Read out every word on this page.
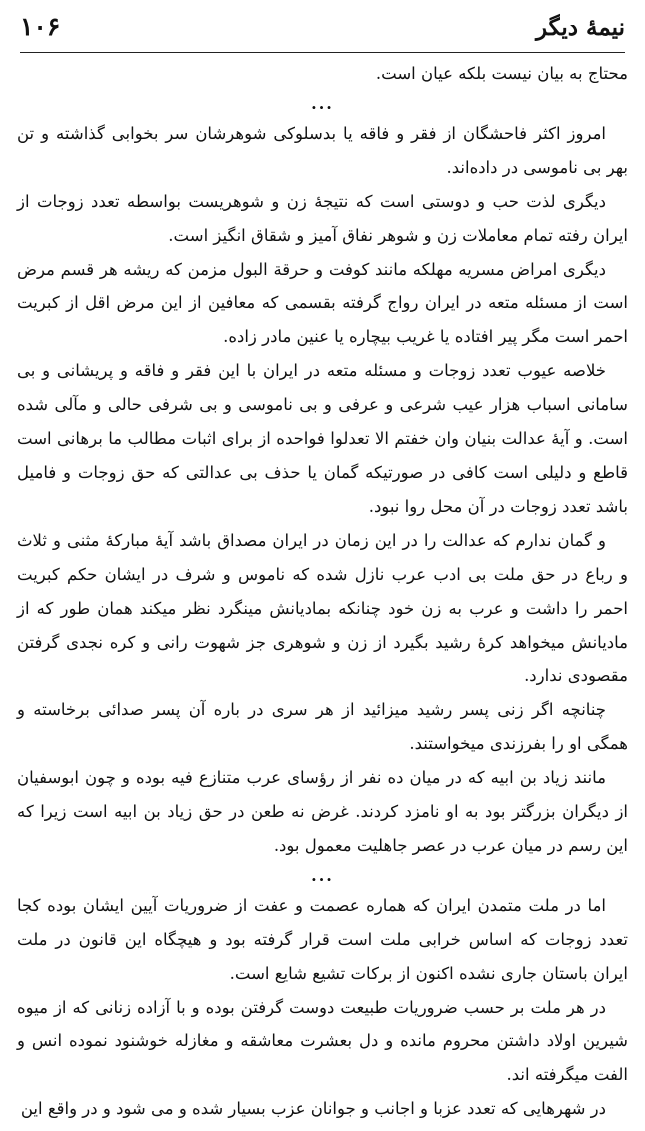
نیمهٔ دیگر
۱۰۶

محتاج به بیان نیست بلکه عیان است.

...

امروز اکثر فاحشگان از فقر و فاقه یا بدسلوکی شوهرشان سر بخوابی گذاشته و تن بهر بی ناموسی در داده‌اند.

دیگری لذت حب و دوستی است که نتیجهٔ زن و شوهریست بواسطه تعدد زوجات از ایران رفته تمام معاملات زن و شوهر نفاق آمیز و شقاق انگیز است.

دیگری امراض مسریه مهلکه مانند کوفت و حرقة البول مزمن که ریشه هر قسم مرض است از مسئله متعه در ایران رواج گرفته بقسمی که معافین از این مرض اقل از کبریت احمر است مگر پیر افتاده یا غریب بیچاره یا عنین مادر زاده.

خلاصه عیوب تعدد زوجات و مسئله متعه در ایران با این فقر و فاقه و پریشانی و بی سامانی اسباب هزار عیب شرعی و عرفی و بی ناموسی و بی شرفی حالی و مآلی شده است. و آیهٔ عدالت بنیان وان خفتم الا تعدلوا فواحده از برای اثبات مطالب ما برهانی است قاطع و دلیلی است کافی در صورتیکه گمان یا حذف بی عدالتی که حق زوجات و فامیل باشد تعدد زوجات در آن محل روا نبود.

و گمان ندارم که عدالت را در این زمان در ایران مصداق باشد آیهٔ مبارکهٔ مثنی و ثلاث و رباع در حق ملت بی ادب عرب نازل شده که ناموس و شرف در ایشان حکم کبریت احمر را داشت و عرب به زن خود چنانکه بمادیانش مینگرد نظر میکند همان طور که از مادیانش میخواهد کرهٔ رشید بگیرد از زن و شوهری جز شهوت رانی و کره نجدی گرفتن مقصودی ندارد.

چنانچه اگر زنی پسر رشید میزائید از هر سری در باره آن پسر صدائی برخاسته و همگی او را بفرزندی میخواستند.

مانند زیاد بن ابیه که در میان ده نفر از رؤسای عرب متنازع فیه بوده و چون ابوسفیان از دیگران بزرگتر بود به او نامزد کردند. غرض نه طعن در حق زیاد بن ابیه است زیرا که این رسم در میان عرب در عصر جاهلیت معمول بود.

...

اما در ملت متمدن ایران که هماره عصمت و عفت از ضروریات آیین ایشان بوده کجا تعدد زوجات که اساس خرابی ملت است قرار گرفته بود و هیچگاه این قانون در ملت ایران باستان جاری نشده اکنون از برکات تشیع شایع است.

در هر ملت بر حسب ضروریات طبیعت دوست گرفتن بوده و با آزاده زنانی که از میوه شیرین اولاد داشتن محروم مانده و دل بعشرت معاشقه و مغازله خوشنود نموده انس و الفت میگرفته اند.

در شهرهایی که تعدد عزبا و اجانب و جوانان عزب بسیار شده و می شود و در واقع این
